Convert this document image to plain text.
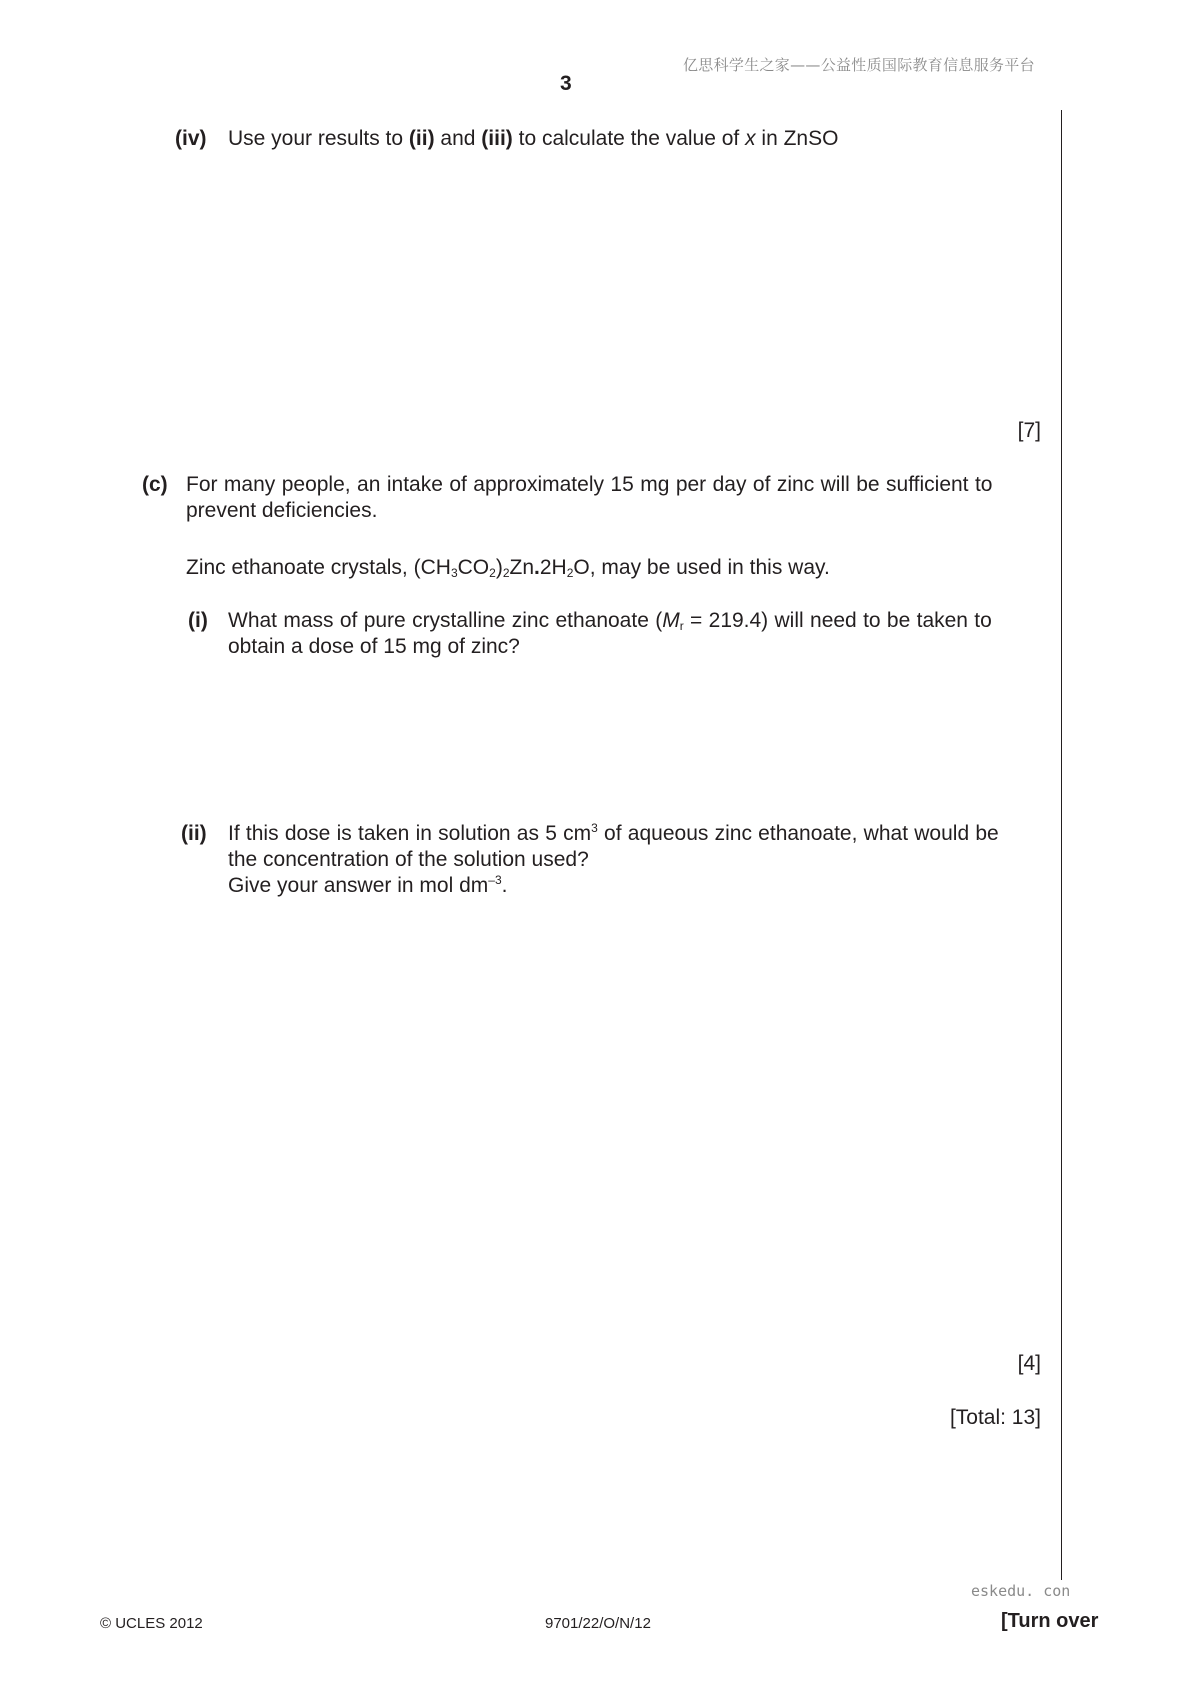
亿思科学生之家——公益性质国际教育信息服务平台
3
(iv) Use your results to (ii) and (iii) to calculate the value of x in ZnSO
[7]
(c) For many people, an intake of approximately 15 mg per day of zinc will be sufficient to
prevent deficiencies.
Zinc ethanoate crystals, $(CH_3CO_2)_2Zn.2H_2O$, may be used in this way.
(i) What mass of pure crystalline zinc ethanoate $(M_r = 219.4)$ will need to be taken to
obtain a dose of 15 mg of zinc?
(ii) If this dose is taken in solution as 5 $cm^3$ of aqueous zinc ethanoate, what would be
the concentration of the solution used?
Give your answer in mol $dm^{-3}$.
[4]
[Total: 13]
eskedu. con
© UCLES 2012	9701/22/O/N/12	[Turn over
